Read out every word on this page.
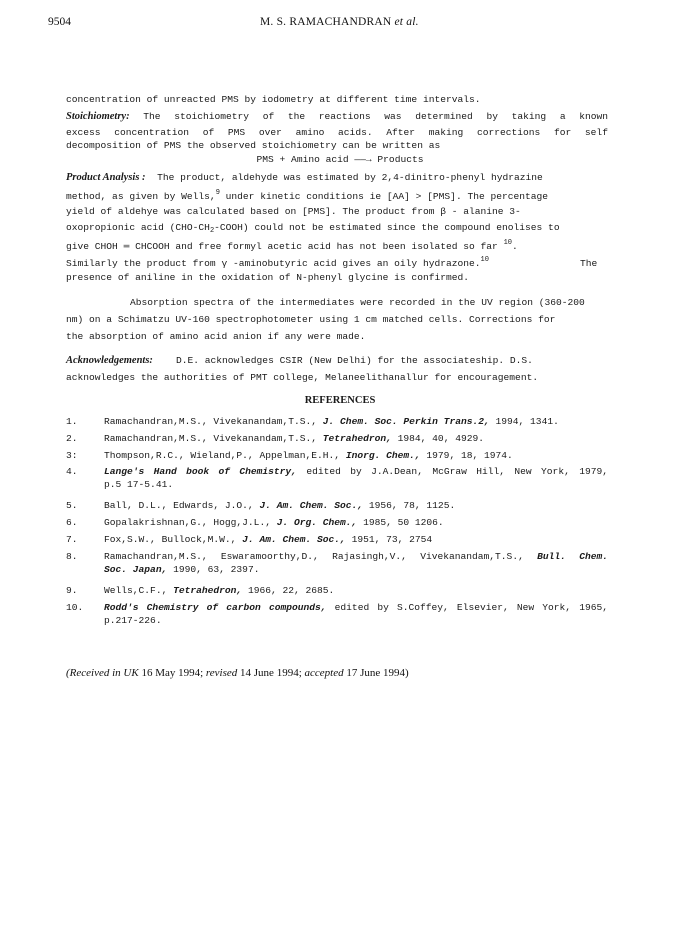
9504	M. S. RAMACHANDRAN et al.
concentration of unreacted PMS by iodometry at different time intervals.
Stoichiometry: The stoichiometry of the reactions was determined by taking a known
excess concentration of PMS over amino acids. After making corrections for self
decomposition of PMS the observed stoichiometry can be written as
PMS + Amino acid ——→ Products
Product Analysis : The product, aldehyde was estimated by 2,4-dinitro-phenyl hydrazine
method, as given by Wells,$^9$ under kinetic conditions ie [AA] > [PMS]. The percentage
yield of aldehye was calculated based on [PMS]. The product from β - alanine 3-
oxopropionic acid $(CHO-CH_2-COOH)$ could not be estimated since the compound enolises to
give CHOH ═ CHCOOH and free formyl acetic acid has not been isolated so far $^{10}$.
Similarly the product from γ -aminobutyric acid gives an oily hydrazone.$^{10}$	The
presence of aniline in the oxidation of N-phenyl glycine is confirmed.
Absorption spectra of the intermediates were recorded in the UV region (360-200
nm) on a Schimatzu UV-160 spectrophotometer using 1 cm matched cells. Corrections for
the absorption of amino acid anion if any were made.
Acknowledgements: D.E. acknowledges CSIR (New Delhi) for the associateship. D.S.
acknowledges the authorities of PMT college, Melaneelithanallur for encouragement.
REFERENCES
1.	Ramachandran,M.S., Vivekanandam,T.S., J. Chem. Soc. Perkin Trans.2, 1994, 1341.
2.	Ramachandran,M.S., Vivekanandam,T.S., Tetrahedron, 1984, 40, 4929.
3:	Thompson,R.C., Wieland,P., Appelman,E.H., Inorg. Chem., 1979, 18, 1974.
4.	Lange's Hand book of Chemistry, edited by J.A.Dean, McGraw Hill, New York, 1979,
p.5 17-5.41.
5.	Ball, D.L., Edwards, J.O., J. Am. Chem. Soc., 1956, 78, 1125.
6.	Gopalakrishnan,G., Hogg,J.L., J. Org. Chem., 1985, 50 1206.
7.	Fox,S.W., Bullock,M.W., J. Am. Chem. Soc., 1951, 73, 2754
8.	Ramachandran,M.S., Eswaramoorthy,D., Rajasingh,V., Vivekanandam,T.S., Bull. Chem.
Soc. Japan, 1990, 63, 2397.
9.	Wells,C.F., Tetrahedron, 1966, 22, 2685.
10. Rodd's Chemistry of carbon compounds, edited by S.Coffey, Elsevier, New York, 1965,
p.217-226.
(Received in UK 16 May 1994; revised 14 June 1994; accepted 17 June 1994)
